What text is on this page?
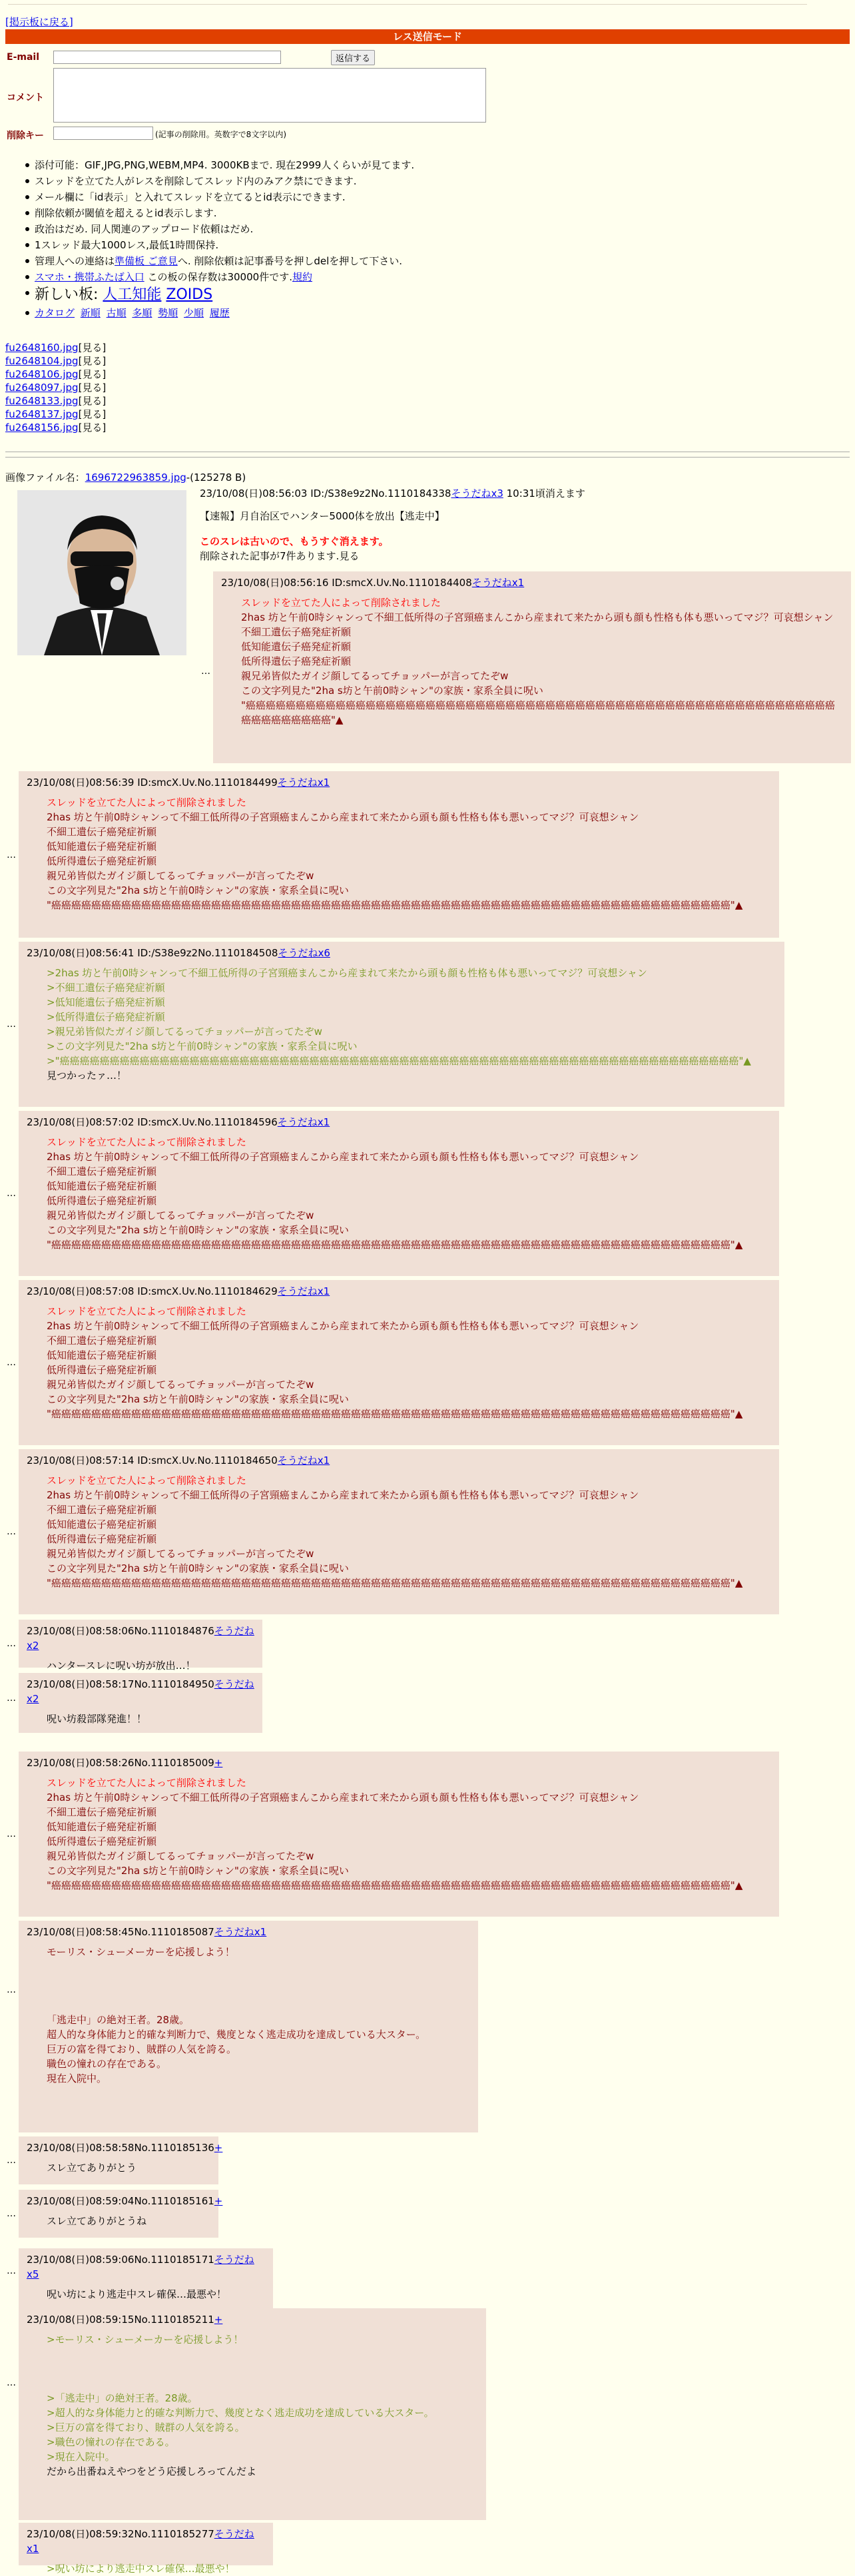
[掲示板に戻る]
レス送信モード
E-mail	返信する
コメント
削除キー	(記事の削除用。英数字で8文字以内)
添付可能：GIF,JPG,PNG,WEBM,MP4. 3000KBまで. 現在2999人くらいが見てます.
スレッドを立てた人がレスを削除してスレッド内のみアク禁にできます.
メール欄に「id表示」と入れてスレッドを立てるとid表示にできます.
削除依頼が閾値を超えるとid表示します.
政治はだめ. 同人関連のアップロード依頼はだめ.
1スレッド最大1000レス,最低1時間保持.
管理人への連絡は準備板 ご意見へ. 削除依頼は記事番号を押しdelを押して下さい.
スマホ・携帯ふたば入口 この板の保存数は30000件です.規約
新しい板: 人工知能 ZOIDS
カタログ 新順 古順 多順 勢順 少順 履歴
fu2648160.jpg[見る]
fu2648104.jpg[見る]
fu2648106.jpg[見る]
fu2648097.jpg[見る]
fu2648133.jpg[見る]
fu2648137.jpg[見る]
fu2648156.jpg[見る]
画像ファイル名：1696722963859.jpg-(125278 B)
23/10/08(日)08:56:03 ID:/S38e9z2No.1110184338そうだねx3 10:31頃消えます
【速報】月自治区でハンター5000体を放出【逃走中】
このスレは古いので、もうすぐ消えます。
削除された記事が7件あります.見る
…
23/10/08(日)08:56:16 ID:smcX.Uv.No.1110184408そうだねx1
スレッドを立てた人によって削除されました
2has 坊と午前0時シャンって不細工低所得の子宮頸癌まんこから産まれて来たから頭も顔も性格も体も悪いってマジ？可哀想シャン
不細工遺伝子癌発症祈願
低知能遺伝子癌発症祈願
低所得遺伝子癌発症祈願
親兄弟皆似たガイジ顔してるってチョッパーが言ってたぞw
この文字列見た"2ha s坊と午前0時シャン"の家族・家系全員に呪い
"癌癌癌癌癌癌癌癌癌癌癌癌癌癌癌癌癌癌癌癌癌癌癌癌癌癌癌癌癌癌癌癌癌癌癌癌癌癌癌癌癌癌癌癌癌癌癌癌癌癌癌癌癌癌癌癌癌癌癌癌癌癌癌癌癌癌癌癌"▲
…
23/10/08(日)08:56:39 ID:smcX.Uv.No.1110184499そうだねx1
スレッドを立てた人によって削除されました
2has 坊と午前0時シャンって不細工低所得の子宮頸癌まんこから産まれて来たから頭も顔も性格も体も悪いってマジ？可哀想シャン
不細工遺伝子癌発症祈願
低知能遺伝子癌発症祈願
低所得遺伝子癌発症祈願
親兄弟皆似たガイジ顔してるってチョッパーが言ってたぞw
この文字列見た"2ha s坊と午前0時シャン"の家族・家系全員に呪い
"癌癌癌癌癌癌癌癌癌癌癌癌癌癌癌癌癌癌癌癌癌癌癌癌癌癌癌癌癌癌癌癌癌癌癌癌癌癌癌癌癌癌癌癌癌癌癌癌癌癌癌癌癌癌癌癌癌癌癌癌癌癌癌癌癌癌癌癌"▲
…
23/10/08(日)08:56:41 ID:/S38e9z2No.1110184508そうだねx6
>2has 坊と午前0時シャンって不細工低所得の子宮頸癌まんこから産まれて来たから頭も顔も性格も体も悪いってマジ？可哀想シャン
>不細工遺伝子癌発症祈願
>低知能遺伝子癌発症祈願
>低所得遺伝子癌発症祈願
>親兄弟皆似たガイジ顔してるってチョッパーが言ってたぞw
>この文字列見た"2ha s坊と午前0時シャン"の家族・家系全員に呪い
>"癌癌癌癌癌癌癌癌癌癌癌癌癌癌癌癌癌癌癌癌癌癌癌癌癌癌癌癌癌癌癌癌癌癌癌癌癌癌癌癌癌癌癌癌癌癌癌癌癌癌癌癌癌癌癌癌癌癌癌癌癌癌癌癌癌癌癌癌"▲
見つかったァ…！
…
23/10/08(日)08:57:02 ID:smcX.Uv.No.1110184596そうだねx1
スレッドを立てた人によって削除されました
2has 坊と午前0時シャンって不細工低所得の子宮頸癌まんこから産まれて来たから頭も顔も性格も体も悪いってマジ？可哀想シャン
不細工遺伝子癌発症祈願
低知能遺伝子癌発症祈願
低所得遺伝子癌発症祈願
親兄弟皆似たガイジ顔してるってチョッパーが言ってたぞw
この文字列見た"2ha s坊と午前0時シャン"の家族・家系全員に呪い
"癌癌癌癌癌癌癌癌癌癌癌癌癌癌癌癌癌癌癌癌癌癌癌癌癌癌癌癌癌癌癌癌癌癌癌癌癌癌癌癌癌癌癌癌癌癌癌癌癌癌癌癌癌癌癌癌癌癌癌癌癌癌癌癌癌癌癌癌"▲
…
23/10/08(日)08:57:08 ID:smcX.Uv.No.1110184629そうだねx1
スレッドを立てた人によって削除されました
2has 坊と午前0時シャンって不細工低所得の子宮頸癌まんこから産まれて来たから頭も顔も性格も体も悪いってマジ？可哀想シャン
不細工遺伝子癌発症祈願
低知能遺伝子癌発症祈願
低所得遺伝子癌発症祈願
親兄弟皆似たガイジ顔してるってチョッパーが言ってたぞw
この文字列見た"2ha s坊と午前0時シャン"の家族・家系全員に呪い
"癌癌癌癌癌癌癌癌癌癌癌癌癌癌癌癌癌癌癌癌癌癌癌癌癌癌癌癌癌癌癌癌癌癌癌癌癌癌癌癌癌癌癌癌癌癌癌癌癌癌癌癌癌癌癌癌癌癌癌癌癌癌癌癌癌癌癌癌"▲
…
23/10/08(日)08:57:14 ID:smcX.Uv.No.1110184650そうだねx1
スレッドを立てた人によって削除されました
2has 坊と午前0時シャンって不細工低所得の子宮頸癌まんこから産まれて来たから頭も顔も性格も体も悪いってマジ？可哀想シャン
不細工遺伝子癌発症祈願
低知能遺伝子癌発症祈願
低所得遺伝子癌発症祈願
親兄弟皆似たガイジ顔してるってチョッパーが言ってたぞw
この文字列見た"2ha s坊と午前0時シャン"の家族・家系全員に呪い
"癌癌癌癌癌癌癌癌癌癌癌癌癌癌癌癌癌癌癌癌癌癌癌癌癌癌癌癌癌癌癌癌癌癌癌癌癌癌癌癌癌癌癌癌癌癌癌癌癌癌癌癌癌癌癌癌癌癌癌癌癌癌癌癌癌癌癌癌"▲
…
23/10/08(日)08:58:06No.1110184876そうだねx2
ハンタースレに呪い坊が放出…！
…
23/10/08(日)08:58:17No.1110184950そうだねx2
呪い坊殺部隊発進！！
…
23/10/08(日)08:58:26No.1110185009+
スレッドを立てた人によって削除されました
2has 坊と午前0時シャンって不細工低所得の子宮頸癌まんこから産まれて来たから頭も顔も性格も体も悪いってマジ？可哀想シャン
不細工遺伝子癌発症祈願
低知能遺伝子癌発症祈願
低所得遺伝子癌発症祈願
親兄弟皆似たガイジ顔してるってチョッパーが言ってたぞw
この文字列見た"2ha s坊と午前0時シャン"の家族・家系全員に呪い
"癌癌癌癌癌癌癌癌癌癌癌癌癌癌癌癌癌癌癌癌癌癌癌癌癌癌癌癌癌癌癌癌癌癌癌癌癌癌癌癌癌癌癌癌癌癌癌癌癌癌癌癌癌癌癌癌癌癌癌癌癌癌癌癌癌癌癌癌"▲
…
23/10/08(日)08:58:45No.1110185087そうだねx1
モーリス・シューメーカーを応援しよう！
「逃走中」の絶対王者。28歳。
超人的な身体能力と的確な判断力で、幾度となく逃走成功を達成している大スター。
巨万の富を得ており、賊群の人気を誇る。
職色の憧れの存在である。
現在入院中。
…
23/10/08(日)08:58:58No.1110185136+
スレ立てありがとう
…
23/10/08(日)08:59:04No.1110185161+
スレ立てありがとうね
…
23/10/08(日)08:59:06No.1110185171そうだねx5
呪い坊により逃走中スレ確保…最悪や！
…
23/10/08(日)08:59:15No.1110185211+
>モーリス・シューメーカーを応援しよう！
>「逃走中」の絶対王者。28歳。
>超人的な身体能力と的確な判断力で、幾度となく逃走成功を達成している大スター。
>巨万の富を得ており、賊群の人気を誇る。
>職色の憧れの存在である。
>現在入院中。
だから出番ねえやつをどう応援しろってんだよ
23/10/08(日)08:59:32No.1110185277そうだねx1
>呪い坊により逃走中スレ確保…最悪や！
